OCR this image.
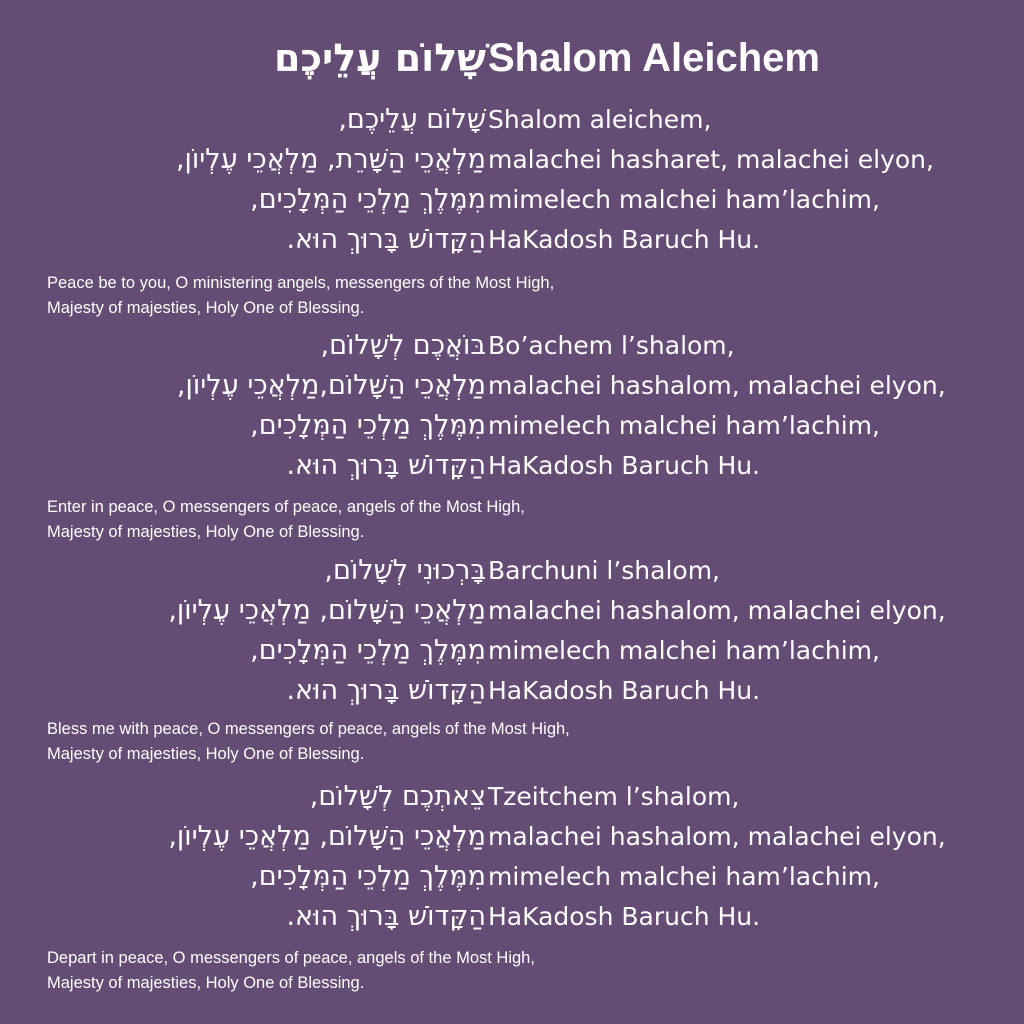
שָׁלוֹם עֲלֵיכֶם Shalom Aleichem
שָׁלוֹם עֲלֵיכֶם, Shalom aleichem,
מַלְאֲכֵי הַשָּׁרֵת, מַלְאֲכֵי עֶלְיוֹן, malachei hasharet, malachei elyon,
מִמֶּלֶךְ מַלְכֵי הַמְּלָכִים, mimelech malchei ham’lachim,
הַקָּדוֹשׁ בָּרוּךְ הוּא. HaKadosh Baruch Hu.
Peace be to you, O ministering angels, messengers of the Most High,
Majesty of majesties, Holy One of Blessing.
בּוֹאֲכֶם לְשָׁלוֹם, Bo’achem l’shalom,
מַלְאֲכֵי הַשָּׁלוֹם,מַלְאֲכֵי עֶלְיוֹן, malachei hashalom, malachei elyon,
מִמֶּלֶךְ מַלְכֵי הַמְּלָכִים, mimelech malchei ham’lachim,
הַקָּדוֹשׁ בָּרוּךְ הוּא. HaKadosh Baruch Hu.
Enter in peace, O messengers of peace, angels of the Most High,
Majesty of majesties, Holy One of Blessing.
בָּרְכוּנִי לְשָׁלוֹם, Barchuni l’shalom,
מַלְאֲכֵי הַשָּׁלוֹם, מַלְאֲכֵי עֶלְיוֹן, malachei hashalom, malachei elyon,
מִמֶּלֶךְ מַלְכֵי הַמְּלָכִים, mimelech malchei ham’lachim,
הַקָּדוֹשׁ בָּרוּךְ הוּא. HaKadosh Baruch Hu.
Bless me with peace, O messengers of peace, angels of the Most High,
Majesty of majesties, Holy One of Blessing.
צֵאתְכֶם לְשָׁלוֹם, Tzeitchem l’shalom,
מַלְאֲכֵי הַשָּׁלוֹם, מַלְאֲכֵי עֶלְיוֹן, malachei hashalom, malachei elyon,
מִמֶּלֶךְ מַלְכֵי הַמְּלָכִים, mimelech malchei ham’lachim,
הַקָּדוֹשׁ בָּרוּךְ הוּא. HaKadosh Baruch Hu.
Depart in peace, O messengers of peace, angels of the Most High,
Majesty of majesties, Holy One of Blessing.
